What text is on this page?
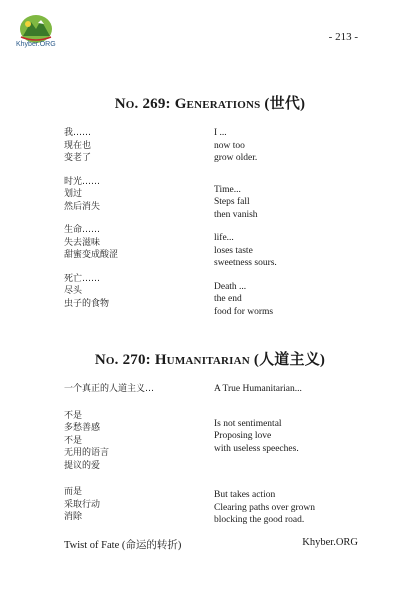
Khyber.ORG
- 213 -
No. 269: Generations (世代)
我……
现在也
变老了
时光……
划过
然后消失
生命……
失去滋味
甜蜜变成酸涩
死亡……
尽头
虫子的食物
I ...
now too
grow older.
Time...
Steps fall
then vanish
life...
loses taste
sweetness sours.
Death ...
the end
food for worms
No. 270: Humanitarian (人道主义)
一个真正的人道主义…
不是
多愁善感
不是
无用的语言
提议的爱
而是
采取行动
消除
A True Humanitarian...
Is not sentimental
Proposing love
with useless speeches.
But takes action
Clearing paths over grown
blocking the good road.
Twist of Fate (命运的转折)	Khyber.ORG
